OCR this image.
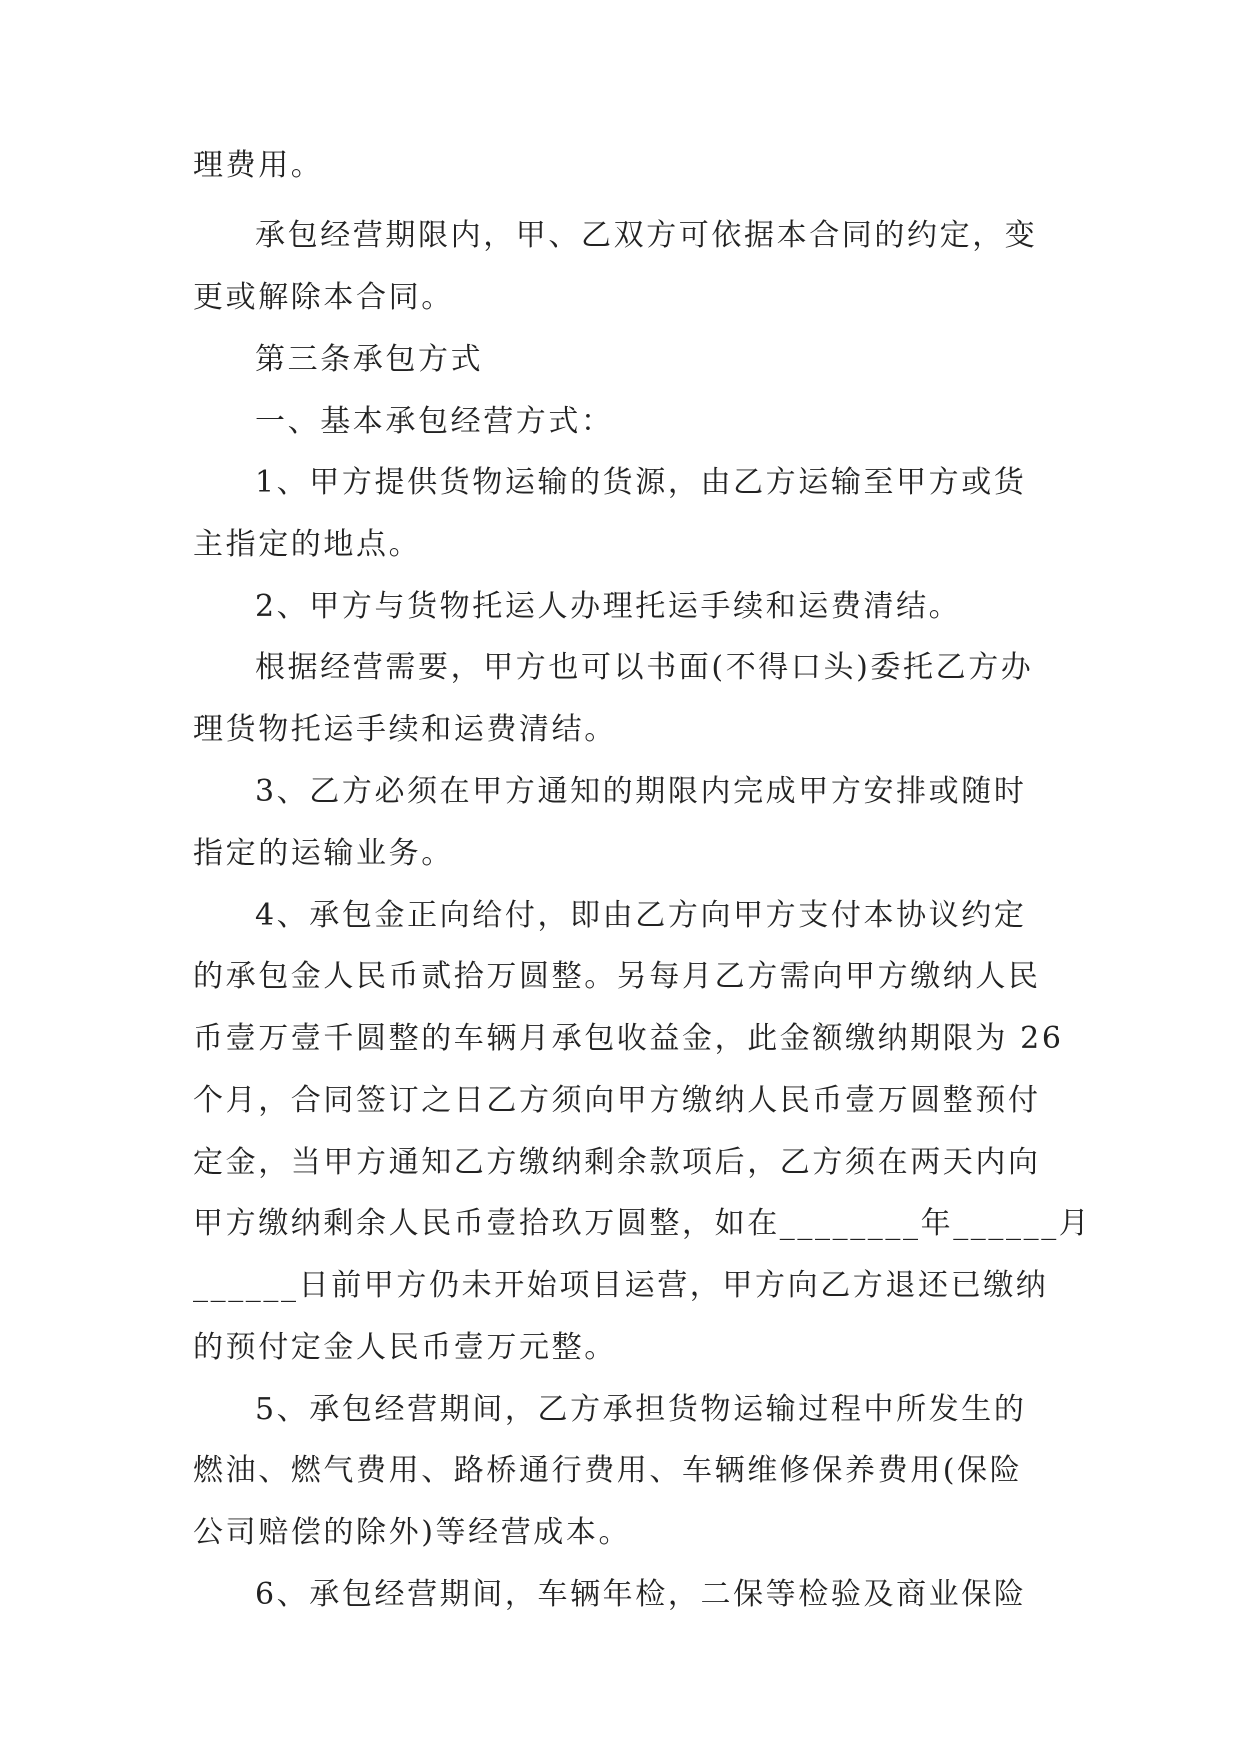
理费用。

承包经营期限内，甲、乙双方可依据本合同的约定，变

更或解除本合同。

第三条承包方式

一、基本承包经营方式：

1、甲方提供货物运输的货源，由乙方运输至甲方或货

主指定的地点。

2、甲方与货物托运人办理托运手续和运费清结。

根据经营需要，甲方也可以书面(不得口头)委托乙方办

理货物托运手续和运费清结。

3、乙方必须在甲方通知的期限内完成甲方安排或随时

指定的运输业务。

4、承包金正向给付，即由乙方向甲方支付本协议约定

的承包金人民币贰拾万圆整。另每月乙方需向甲方缴纳人民

币壹万壹千圆整的车辆月承包收益金，此金额缴纳期限为 26

个月，合同签订之日乙方须向甲方缴纳人民币壹万圆整预付

定金，当甲方通知乙方缴纳剩余款项后，乙方须在两天内向

甲方缴纳剩余人民币壹拾玖万圆整，如在________年______月

______日前甲方仍未开始项目运营，甲方向乙方退还已缴纳

的预付定金人民币壹万元整。

5、承包经营期间，乙方承担货物运输过程中所发生的

燃油、燃气费用、路桥通行费用、车辆维修保养费用(保险

公司赔偿的除外)等经营成本。

6、承包经营期间，车辆年检，二保等检验及商业保险
